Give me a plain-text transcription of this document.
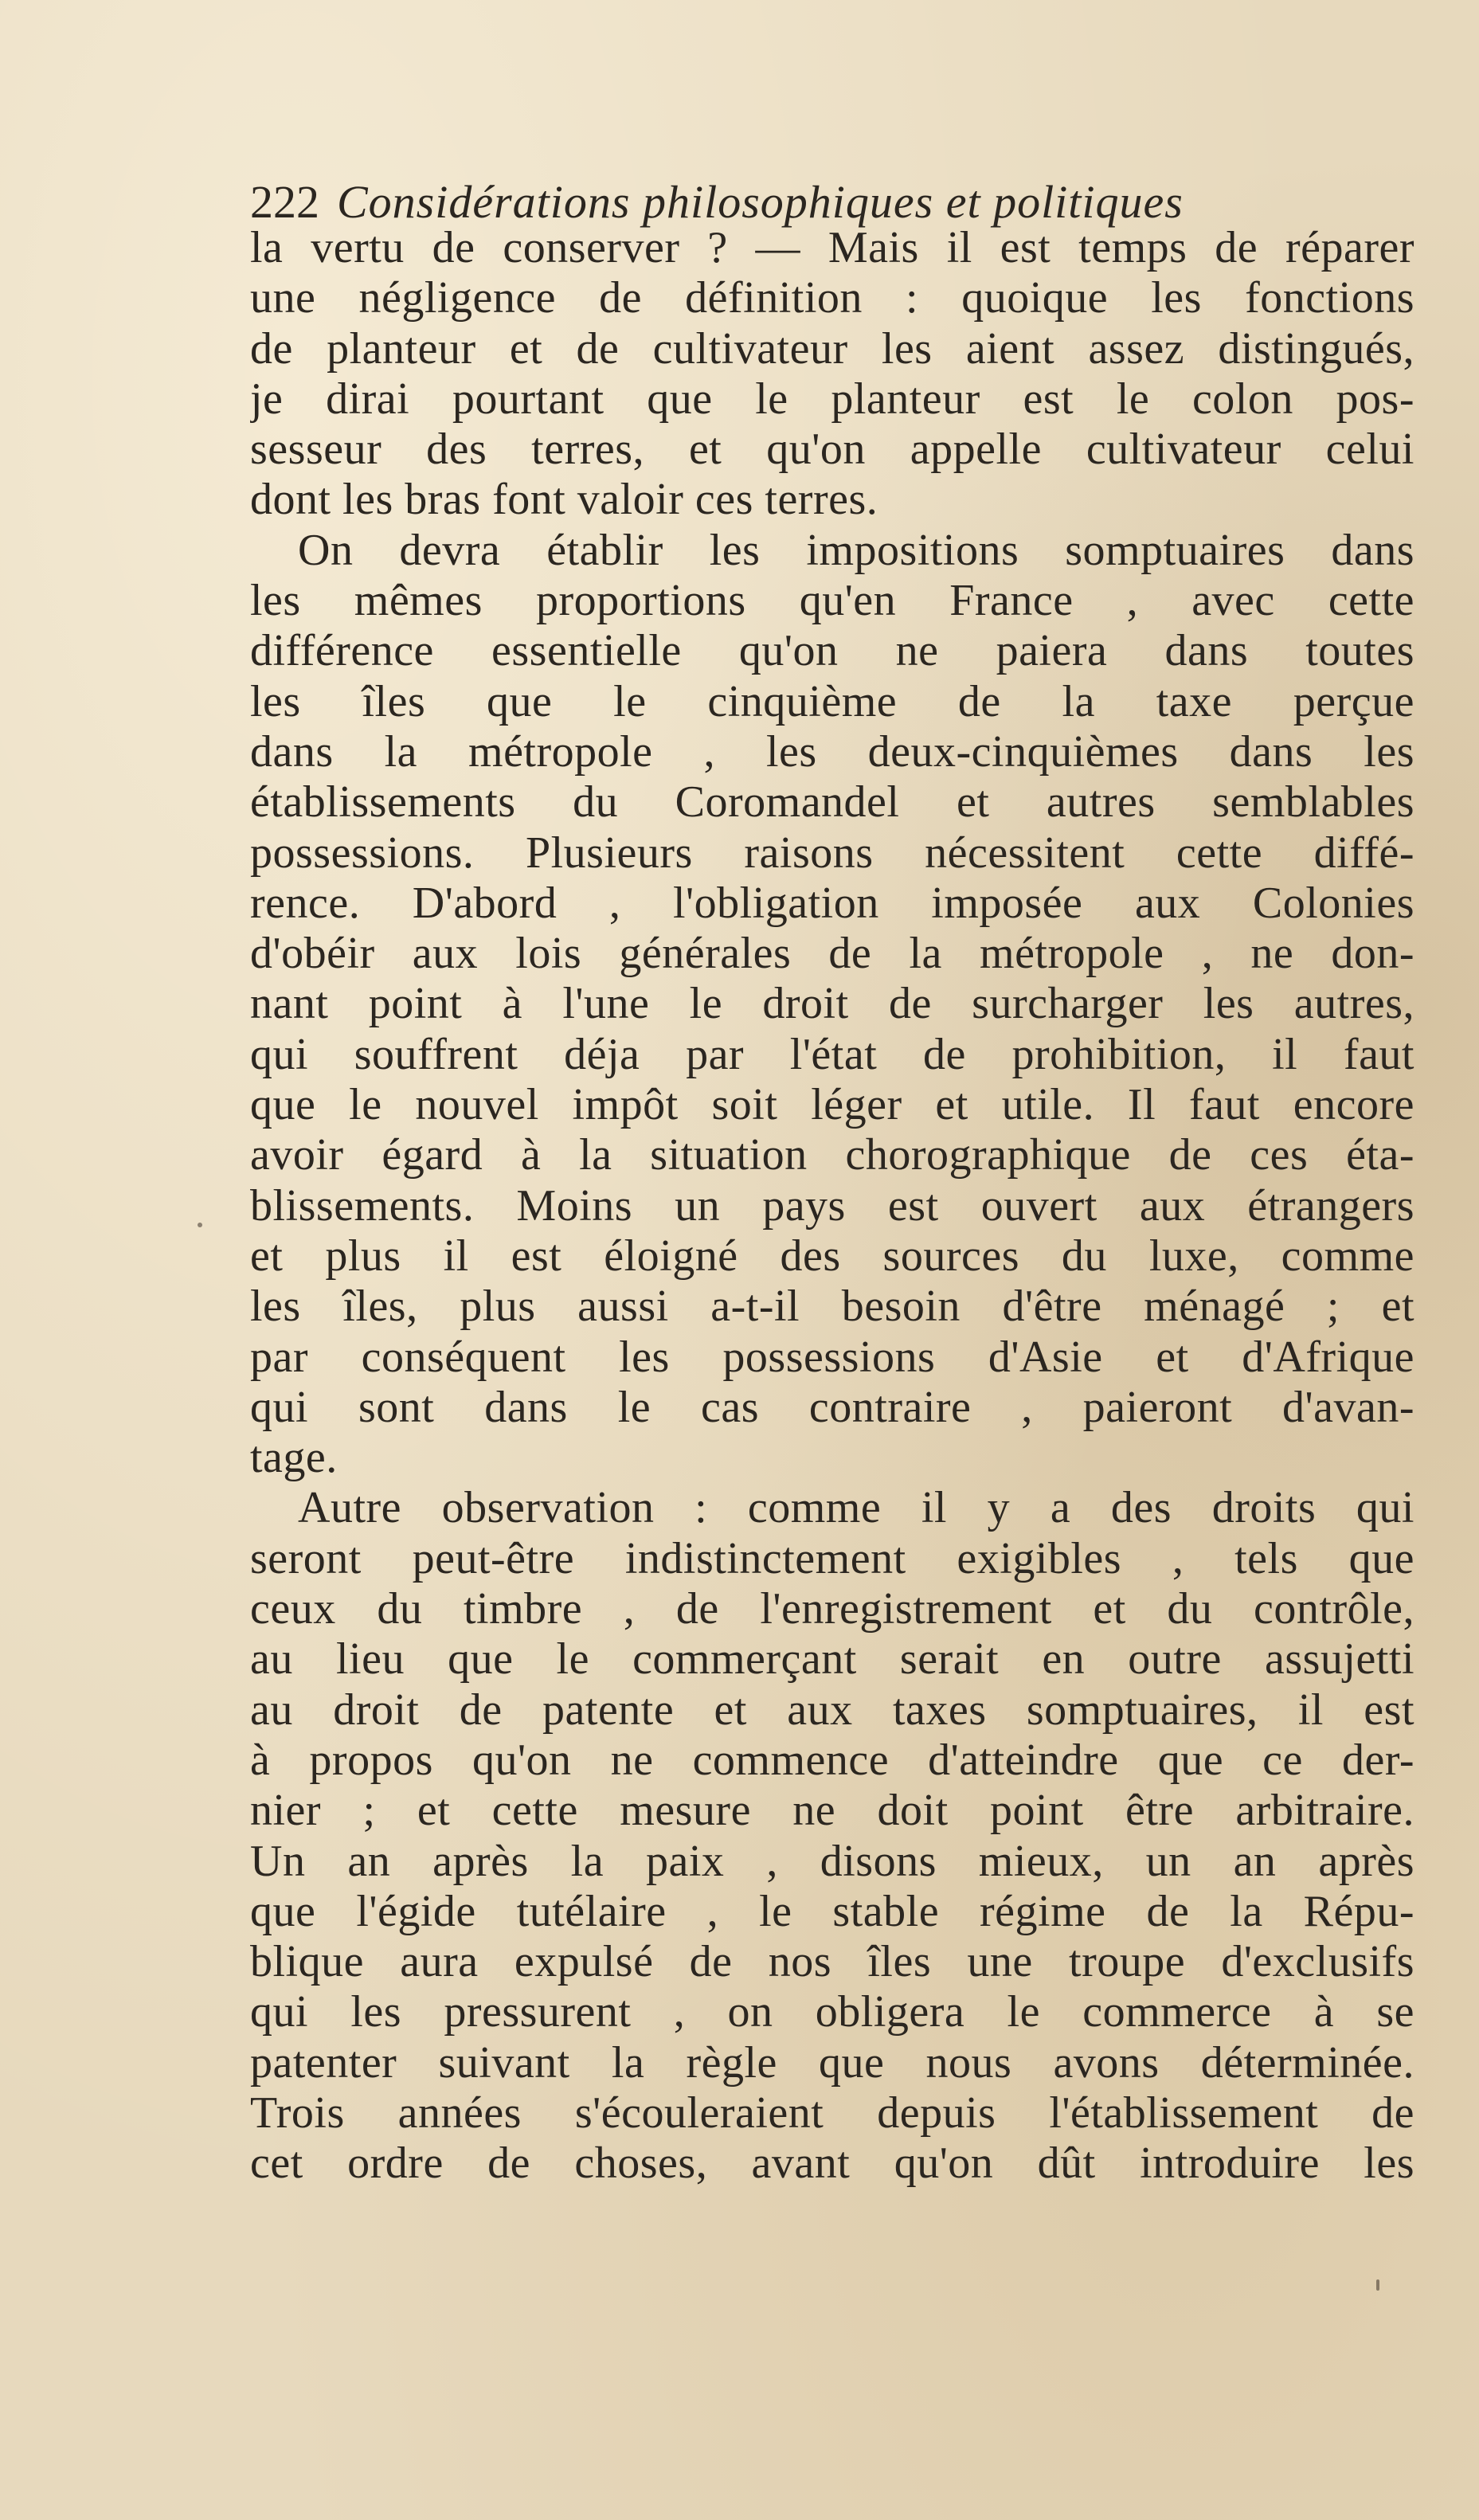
222 Considérations philosophiques et politiques
la vertu de conserver ? — Mais il est temps de réparer
une négligence de définition : quoique les fonctions
de planteur et de cultivateur les aient assez distingués,
je dirai pourtant que le planteur est le colon pos-
sesseur des terres, et qu'on appelle cultivateur celui
dont les bras font valoir ces terres.
On devra établir les impositions somptuaires dans
les mêmes proportions qu'en France , avec cette
différence essentielle qu'on ne paiera dans toutes
les îles que le cinquième de la taxe perçue
dans la métropole , les deux-cinquièmes dans les
établissements du Coromandel et autres semblables
possessions. Plusieurs raisons nécessitent cette diffé-
rence. D'abord , l'obligation imposée aux Colonies
d'obéir aux lois générales de la métropole , ne don-
nant point à l'une le droit de surcharger les autres,
qui souffrent déja par l'état de prohibition, il faut
que le nouvel impôt soit léger et utile. Il faut encore
avoir égard à la situation chorographique de ces éta-
blissements. Moins un pays est ouvert aux étrangers
et plus il est éloigné des sources du luxe, comme
les îles, plus aussi a-t-il besoin d'être ménagé ; et
par conséquent les possessions d'Asie et d'Afrique
qui sont dans le cas contraire , paieront d'avan-
tage.
Autre observation : comme il y a des droits qui
seront peut-être indistinctement exigibles , tels que
ceux du timbre , de l'enregistrement et du contrôle,
au lieu que le commerçant serait en outre assujetti
au droit de patente et aux taxes somptuaires, il est
à propos qu'on ne commence d'atteindre que ce der-
nier ; et cette mesure ne doit point être arbitraire.
Un an après la paix , disons mieux, un an après
que l'égide tutélaire , le stable régime de la Répu-
blique aura expulsé de nos îles une troupe d'exclusifs
qui les pressurent , on obligera le commerce à se
patenter suivant la règle que nous avons déterminée.
Trois années s'écouleraient depuis l'établissement de
cet ordre de choses, avant qu'on dût introduire les
